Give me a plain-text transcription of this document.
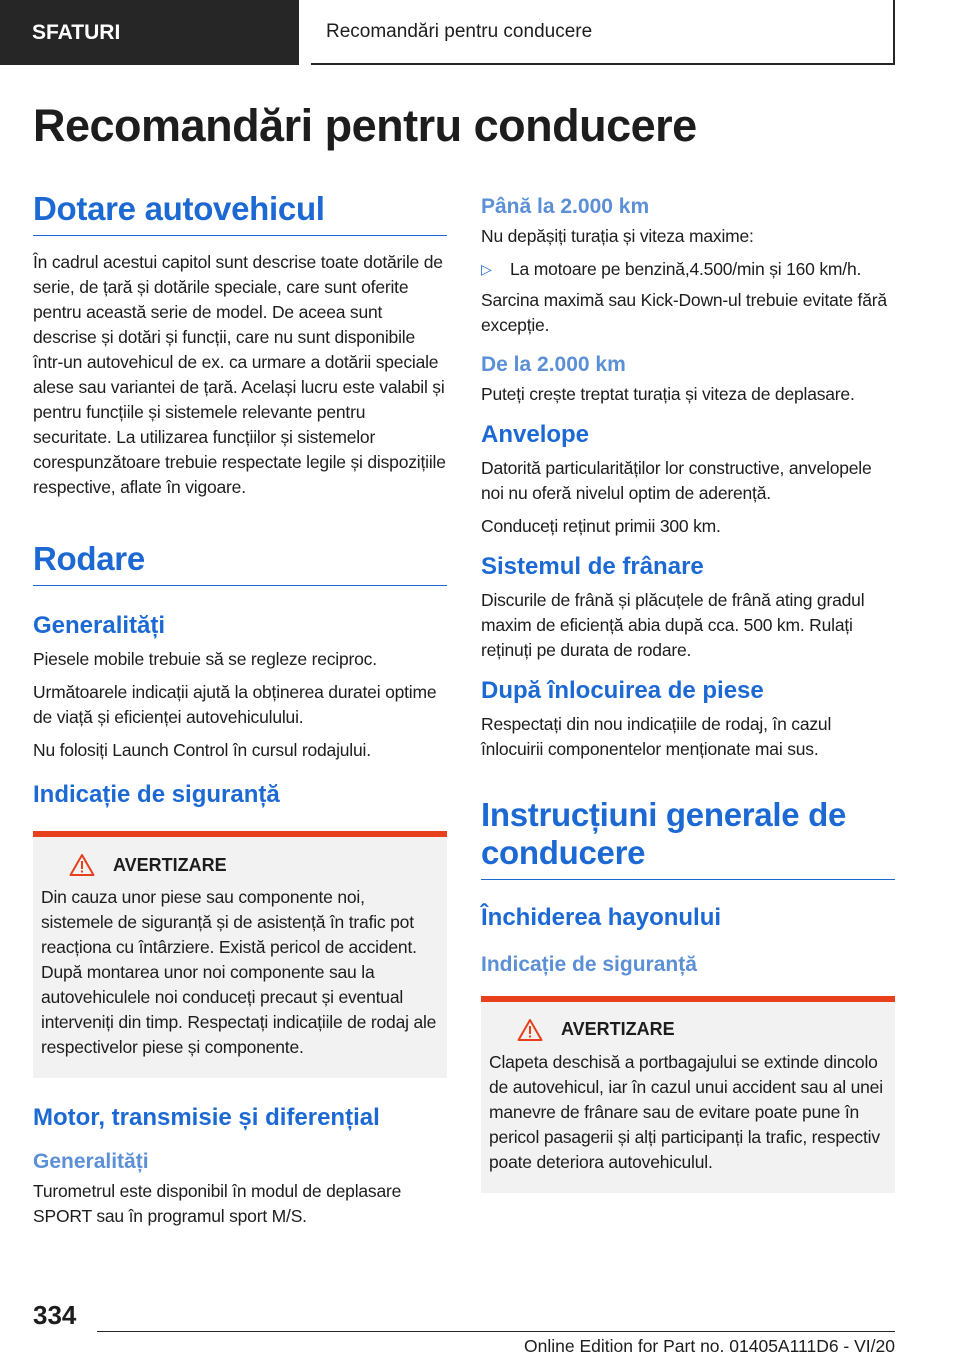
SFATURI	Recomandări pentru conducere
Recomandări pentru conducere
Dotare autovehicul

În cadrul acestui capitol sunt descrise toate dotările de serie, de țară și dotările speciale, care sunt oferite pentru această serie de model. De aceea sunt descrise și dotări și funcții, care nu sunt disponibile într-un autovehicul de ex. ca urmare a dotării speciale alese sau variantei de țară. Același lucru este valabil și pentru funcțiile și sistemele relevante pentru securitate. La utilizarea funcțiilor și sistemelor corespunzătoare trebuie respectate legile și dispozițiile respective, aflate în vigoare.

Rodare
Generalități

Piesele mobile trebuie să se regleze reciproc.

Următoarele indicații ajută la obținerea duratei optime de viață și eficienței autovehiculului.

Nu folosiți Launch Control în cursul rodajului.

Indicație de siguranță
AVERTIZARE

Din cauza unor piese sau componente noi, sistemele de siguranță și de asistență în trafic pot reacționa cu întârziere. Există pericol de accident. După montarea unor noi componente sau la autovehiculele noi conduceți precaut și eventual interveniți din timp. Respectați indicațiile de rodaj ale respectivelor piese și componente.

Motor, transmisie și diferențial
Generalități

Turometrul este disponibil în modul de deplasare SPORT sau în programul sport M/S.

Până la 2.000 km

Nu depășiți turația și viteza maxime:

▷ La motoare pe benzină,4.500/min și 160 km/h.

Sarcina maximă sau Kick-Down-ul trebuie evitate fără excepție.

De la 2.000 km

Puteți crește treptat turația și viteza de deplasare.

Anvelope

Datorită particularităților lor constructive, anvelopele noi nu oferă nivelul optim de aderență.

Conduceți reținut primii 300 km.

Sistemul de frânare

Discurile de frână și plăcuțele de frână ating gradul maxim de eficiență abia după cca. 500 km. Rulați reținuți pe durata de rodare.

După înlocuirea de piese

Respectați din nou indicațiile de rodaj, în cazul înlocuirii componentelor menționate mai sus.

Instrucțiuni generale de conducere
Închiderea hayonului
Indicație de siguranță
AVERTIZARE

Clapeta deschisă a portbagajului se extinde dincolo de autovehicul, iar în cazul unui accident sau al unei manevre de frânare sau de evitare poate pune în pericol pasagerii și alți participanți la trafic, respectiv poate deteriora autovehiculul.

334
Online Edition for Part no. 01405A111D6 - VI/20
